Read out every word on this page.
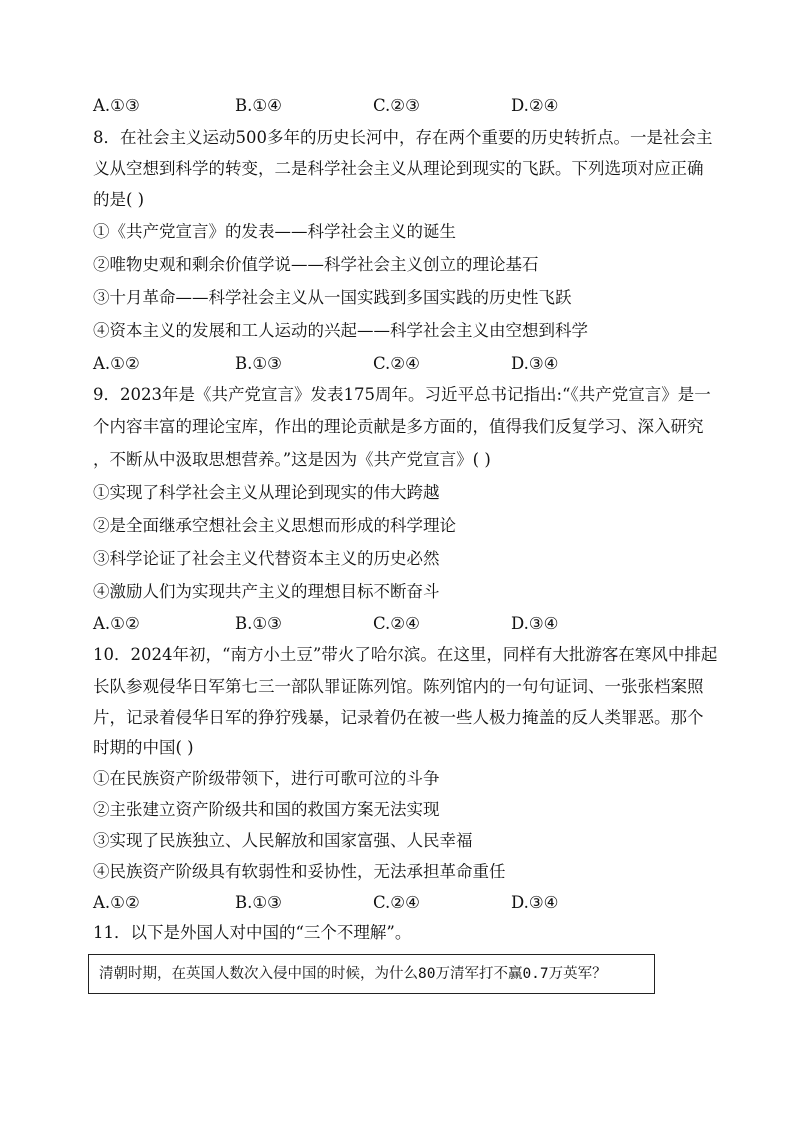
A.①③	B.①④	C.②③	D.②④
8．在社会主义运动500多年的历史长河中，存在两个重要的历史转折点。一是社会主
义从空想到科学的转变，二是科学社会主义从理论到现实的飞跃。下列选项对应正确
的是( )
①《共产党宣言》的发表——科学社会主义的诞生
②唯物史观和剩余价值学说——科学社会主义创立的理论基石
③十月革命——科学社会主义从一国实践到多国实践的历史性飞跃
④资本主义的发展和工人运动的兴起——科学社会主义由空想到科学
A.①②	B.①③	C.②④	D.③④
9．2023年是《共产党宣言》发表175周年。习近平总书记指出:“《共产党宣言》是一
个内容丰富的理论宝库，作出的理论贡献是多方面的，值得我们反复学习、深入研究
，不断从中汲取思想营养。”这是因为《共产党宣言》( )
①实现了科学社会主义从理论到现实的伟大跨越
②是全面继承空想社会主义思想而形成的科学理论
③科学论证了社会主义代替资本主义的历史必然
④激励人们为实现共产主义的理想目标不断奋斗
A.①②	B.①③	C.②④	D.③④
10．2024年初，“南方小土豆”带火了哈尔滨。在这里，同样有大批游客在寒风中排起
长队参观侵华日军第七三一部队罪证陈列馆。陈列馆内的一句句证词、一张张档案照
片，记录着侵华日军的狰狞残暴，记录着仍在被一些人极力掩盖的反人类罪恶。那个
时期的中国( )
①在民族资产阶级带领下，进行可歌可泣的斗争
②主张建立资产阶级共和国的救国方案无法实现
③实现了民族独立、人民解放和国家富强、人民幸福
④民族资产阶级具有软弱性和妥协性，无法承担革命重任
A.①②	B.①③	C.②④	D.③④
11．以下是外国人对中国的“三个不理解”。
清朝时期，在英国人数次入侵中国的时候，为什么80万清军打不赢0.7万英军？
